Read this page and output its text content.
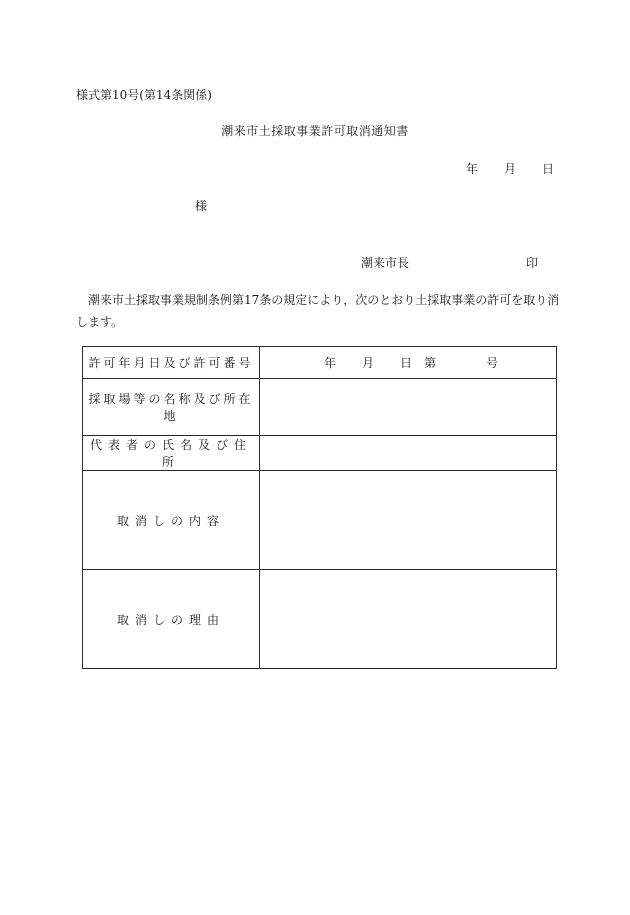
様式第10号(第14条関係)
潮来市土採取事業許可取消通知書
年 月 日
様
潮来市長	印
潮来市土採取事業規制条例第17条の規定により，次のとおり土採取事業の許可を取り消します。
許可年月日及び許可番号	年 月 日 第 号
採取場等の名称及び所在地	
代表者の氏名及び住所	
取消しの内容	
取消しの理由	
